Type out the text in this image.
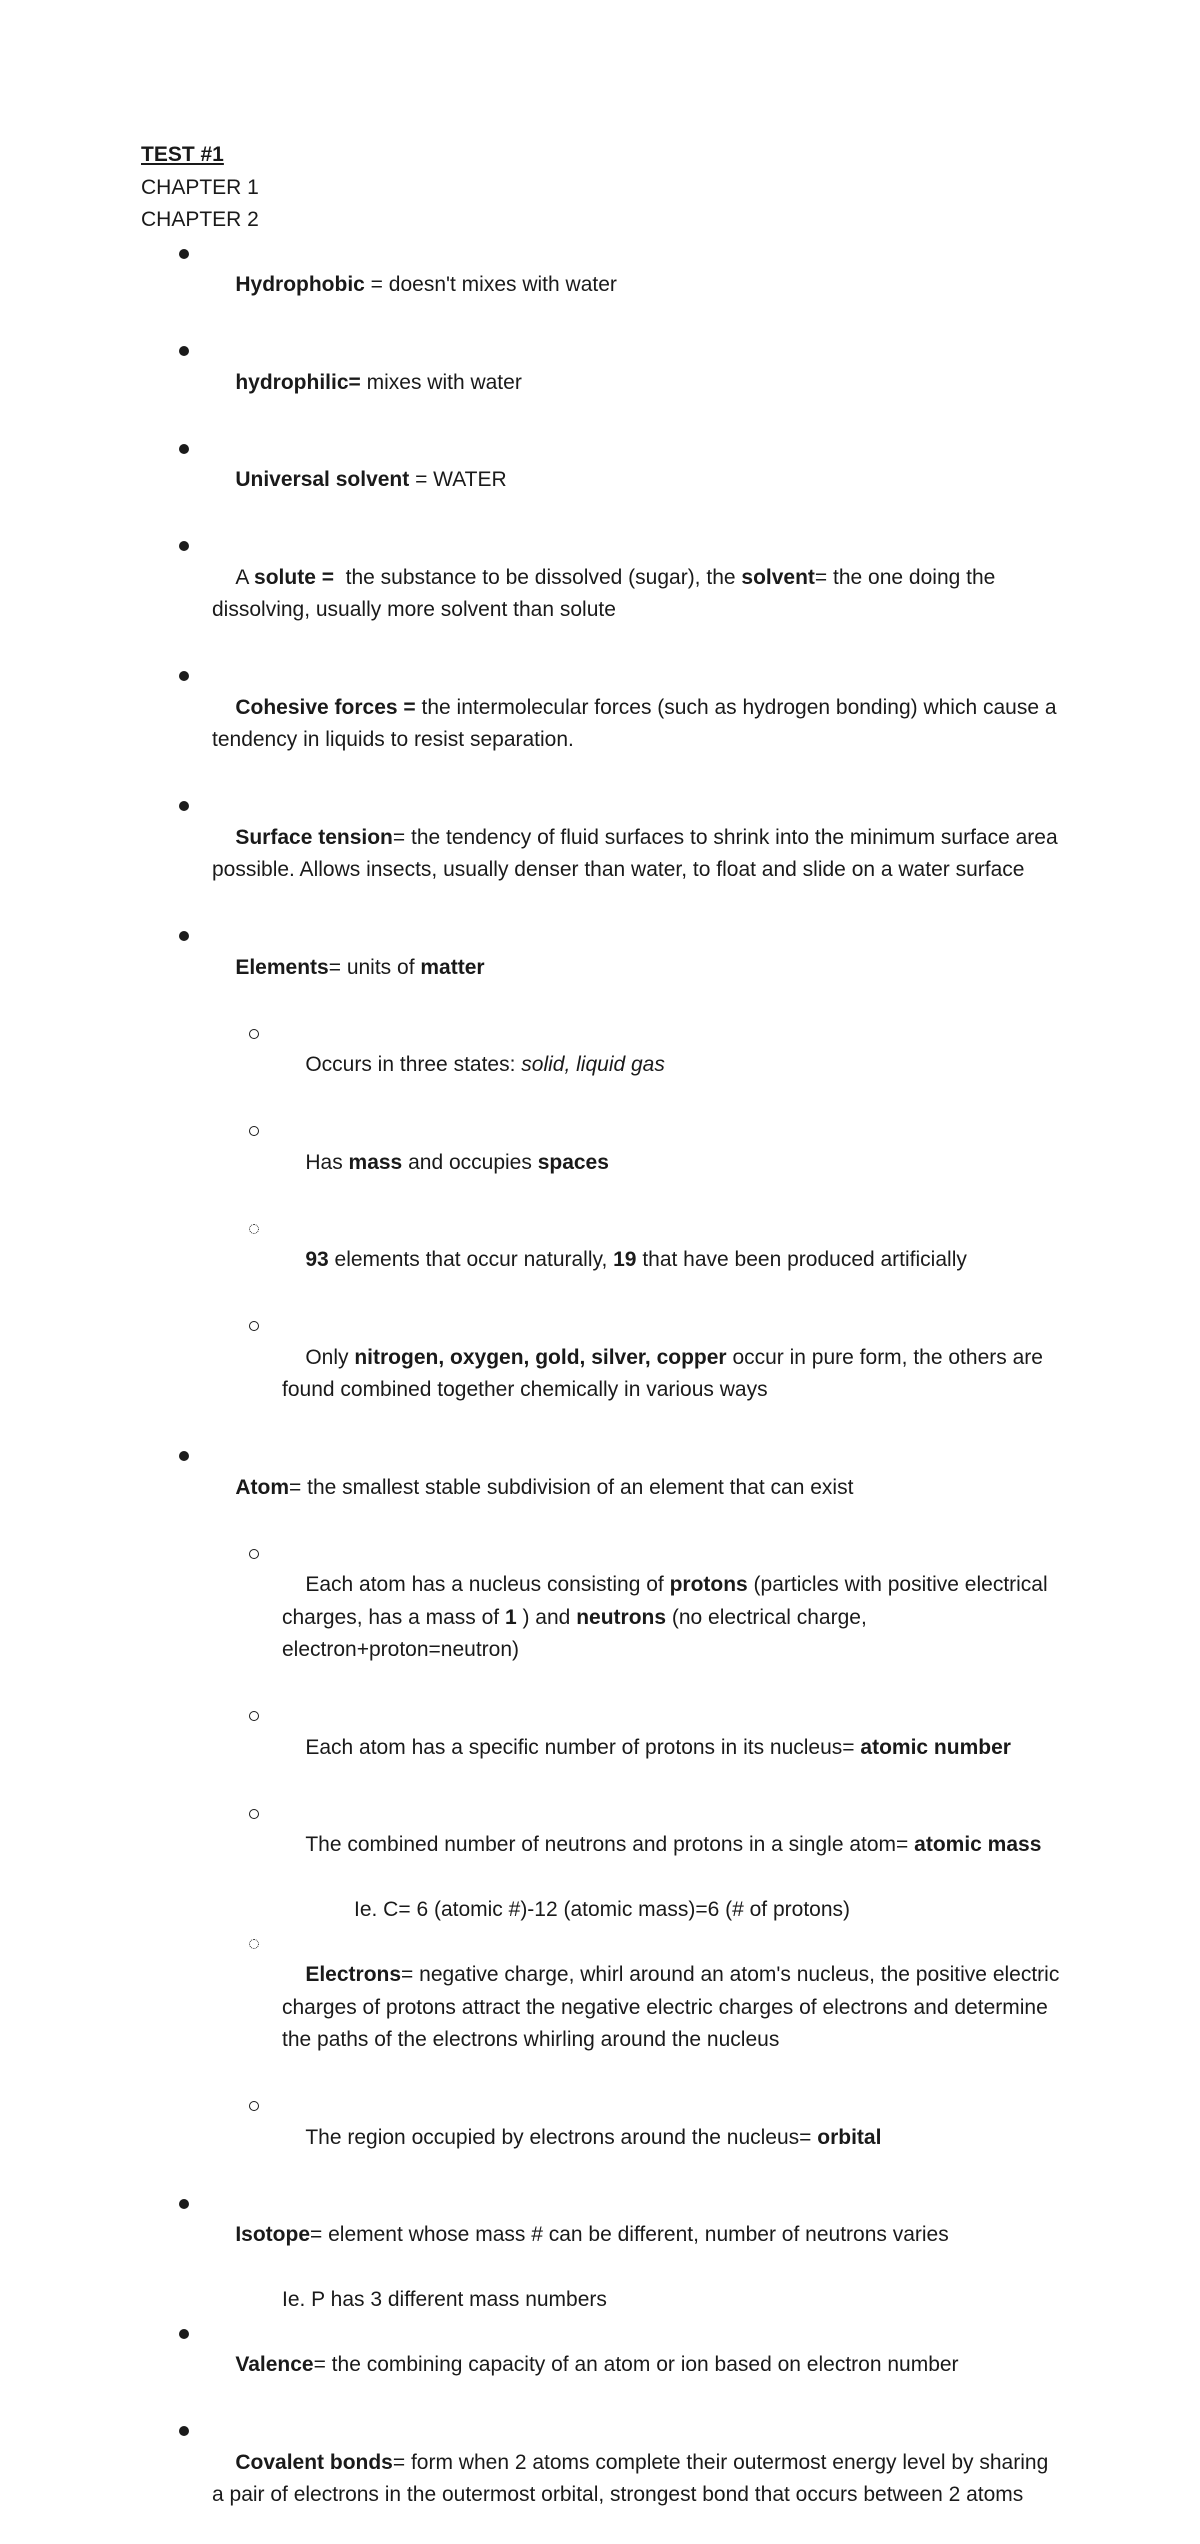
TEST #1
CHAPTER 1
CHAPTER 2

Hydrophobic = doesn't mixes with water

hydrophilic= mixes with water

Universal solvent = WATER

A solute =  the substance to be dissolved (sugar), the solvent= the one doing the dissolving, usually more solvent than solute

Cohesive forces = the intermolecular forces (such as hydrogen bonding) which cause a tendency in liquids to resist separation.

Surface tension= the tendency of fluid surfaces to shrink into the minimum surface area possible. Allows insects, usually denser than water, to float and slide on a water surface

Elements= units of matter

Occurs in three states: solid, liquid gas

Has mass and occupies spaces

93 elements that occur naturally, 19 that have been produced artificially

Only nitrogen, oxygen, gold, silver, copper occur in pure form, the others are found combined together chemically in various ways

Atom= the smallest stable subdivision of an element that can exist

Each atom has a nucleus consisting of protons (particles with positive electrical charges, has a mass of 1 ) and neutrons (no electrical charge, electron+proton=neutron)

Each atom has a specific number of protons in its nucleus= atomic number

The combined number of neutrons and protons in a single atom= atomic mass

Ie. C= 6 (atomic #)-12 (atomic mass)=6 (# of protons)

Electrons= negative charge, whirl around an atom's nucleus, the positive electric charges of protons attract the negative electric charges of electrons and determine the paths of the electrons whirling around the nucleus

The region occupied by electrons around the nucleus= orbital

Isotope= element whose mass # can be different, number of neutrons varies

Ie. P has 3 different mass numbers

Valence= the combining capacity of an atom or ion based on electron number

Covalent bonds= form when 2 atoms complete their outermost energy level by sharing a pair of electrons in the outermost orbital, strongest bond that occurs between 2 atoms
